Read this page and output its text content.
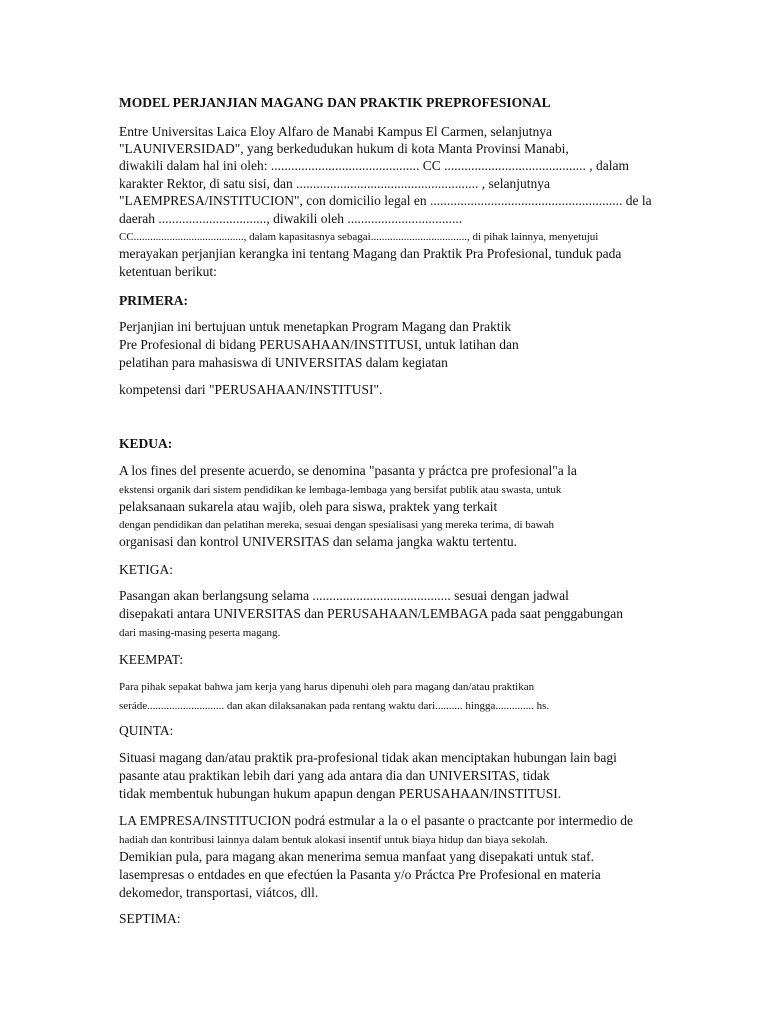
MODEL PERJANJIAN MAGANG DAN PRAKTIK PREPROFESIONAL

Entre Universitas Laica Eloy Alfaro de Manabi Kampus El Carmen, selanjutnya

"LAUNIVERSIDAD", yang berkedudukan hukum di kota Manta Provinsi Manabi,

diwakili dalam hal ini oleh: ............................................ CC .......................................... , dalam

karakter Rektor, di satu sisi, dan ...................................................... , selanjutnya

"LAEMPRESA/INSTITUCION", con domicilio legal en ......................................................... de la

daerah ................................, diwakili oleh ..................................

CC........................................, dalam kapasitasnya sebagai..................................., di pihak lainnya, menyetujui

merayakan perjanjian kerangka ini tentang Magang dan Praktik Pra Profesional, tunduk pada

ketentuan berikut:

PRIMERA:

Perjanjian ini bertujuan untuk menetapkan Program Magang dan Praktik

Pre Profesional di bidang PERUSAHAAN/INSTITUSI, untuk latihan dan

pelatihan para mahasiswa di UNIVERSITAS dalam kegiatan

kompetensi dari "PERUSAHAAN/INSTITUSI".

KEDUA:

A los fines del presente acuerdo, se denomina "pasanta y práctca pre profesional"a la

ekstensi organik dari sistem pendidikan ke lembaga-lembaga yang bersifat publik atau swasta, untuk

pelaksanaan sukarela atau wajib, oleh para siswa, praktek yang terkait

dengan pendidikan dan pelatihan mereka, sesuai dengan spesialisasi yang mereka terima, di bawah

organisasi dan kontrol UNIVERSITAS dan selama jangka waktu tertentu.

KETIGA:

Pasangan akan berlangsung selama ......................................... sesuai dengan jadwal

disepakati antara UNIVERSITAS dan PERUSAHAAN/LEMBAGA pada saat penggabungan

dari masing-masing peserta magang.

KEEMPAT:

Para pihak sepakat bahwa jam kerja yang harus dipenuhi oleh para magang dan/atau praktikan

seráde............................ dan akan dilaksanakan pada rentang waktu dari.......... hingga.............. hs.

QUINTA:

Situasi magang dan/atau praktik pra-profesional tidak akan menciptakan hubungan lain bagi

pasante atau praktikan lebih dari yang ada antara dia dan UNIVERSITAS, tidak

tidak membentuk hubungan hukum apapun dengan PERUSAHAAN/INSTITUSI.

LA EMPRESA/INSTITUCION podrá estmular a la o el pasante o practcante por intermedio de

hadiah dan kontribusi lainnya dalam bentuk alokasi insentif untuk biaya hidup dan biaya sekolah.

Demikian pula, para magang akan menerima semua manfaat yang disepakati untuk staf.

lasempresas o entdades en que efectúen la Pasanta y/o Práctca Pre Profesional en materia

dekomedor, transportasi, viátcos, dll.

SEPTIMA:
